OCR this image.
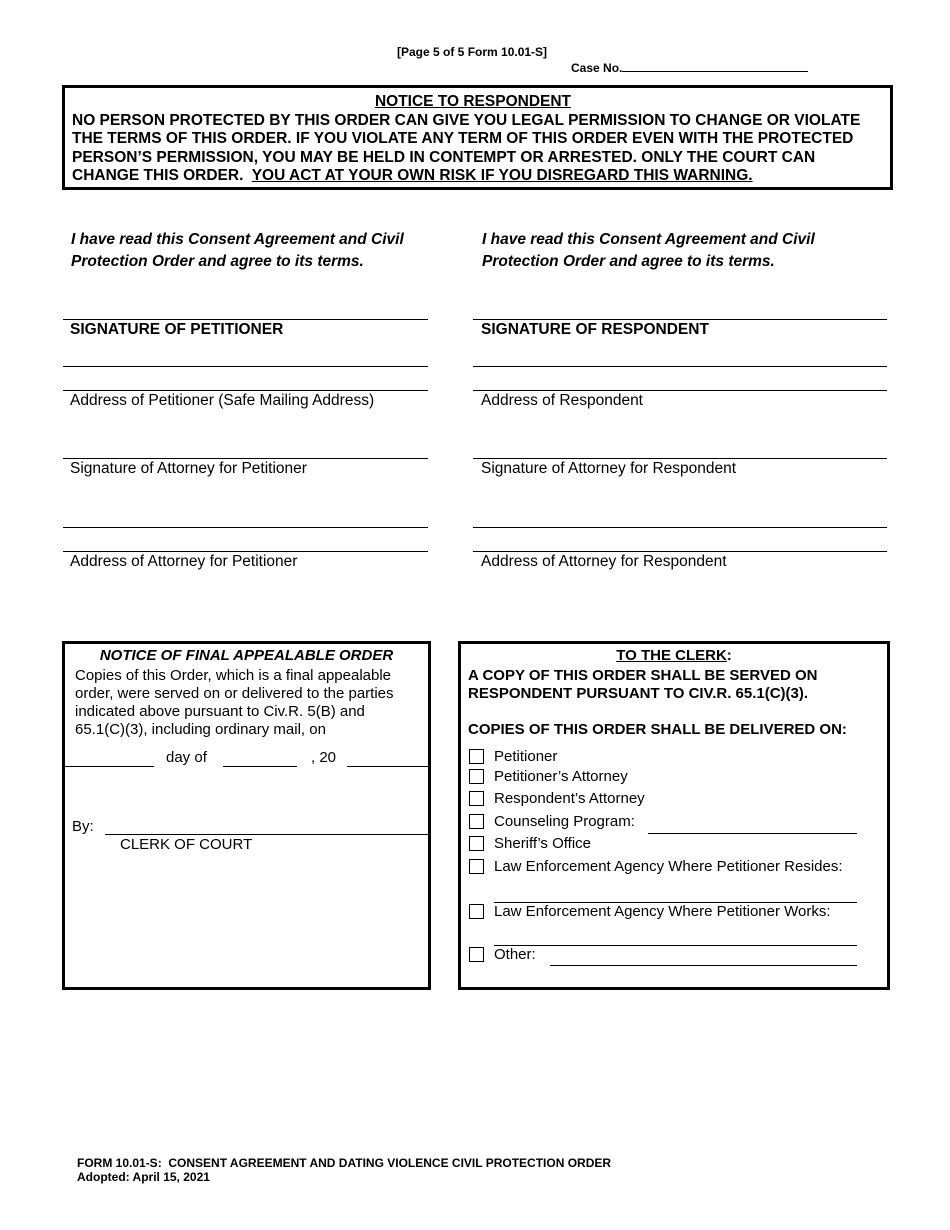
[Page 5 of 5 Form 10.01-S]
Case No.
NOTICE TO RESPONDENT
NO PERSON PROTECTED BY THIS ORDER CAN GIVE YOU LEGAL PERMISSION TO CHANGE OR VIOLATE
THE TERMS OF THIS ORDER. IF YOU VIOLATE ANY TERM OF THIS ORDER EVEN WITH THE PROTECTED
PERSON’S PERMISSION, YOU MAY BE HELD IN CONTEMPT OR ARRESTED. ONLY THE COURT CAN
CHANGE THIS ORDER.  YOU ACT AT YOUR OWN RISK IF YOU DISREGARD THIS WARNING.
I have read this Consent Agreement and Civil Protection Order and agree to its terms.
I have read this Consent Agreement and Civil Protection Order and agree to its terms.
SIGNATURE OF PETITIONER
Address of Petitioner (Safe Mailing Address)
Signature of Attorney for Petitioner
Address of Attorney for Petitioner
SIGNATURE OF RESPONDENT
Address of Respondent
Signature of Attorney for Respondent
Address of Attorney for Respondent
NOTICE OF FINAL APPEALABLE ORDER
Copies of this Order, which is a final appealable order, were served on or delivered to the parties indicated above pursuant to Civ.R. 5(B) and 65.1(C)(3), including ordinary mail, on
day of	, 20
By:
CLERK OF COURT
TO THE CLERK:
A COPY OF THIS ORDER SHALL BE SERVED ON RESPONDENT PURSUANT TO CIV.R. 65.1(C)(3).
COPIES OF THIS ORDER SHALL BE DELIVERED ON:
Petitioner
Petitioner’s Attorney
Respondent’s Attorney
Counseling Program:
Sheriff’s Office
Law Enforcement Agency Where Petitioner Resides:
Law Enforcement Agency Where Petitioner Works:
Other:
FORM 10.01-S:  CONSENT AGREEMENT AND DATING VIOLENCE CIVIL PROTECTION ORDER
Adopted: April 15, 2021
